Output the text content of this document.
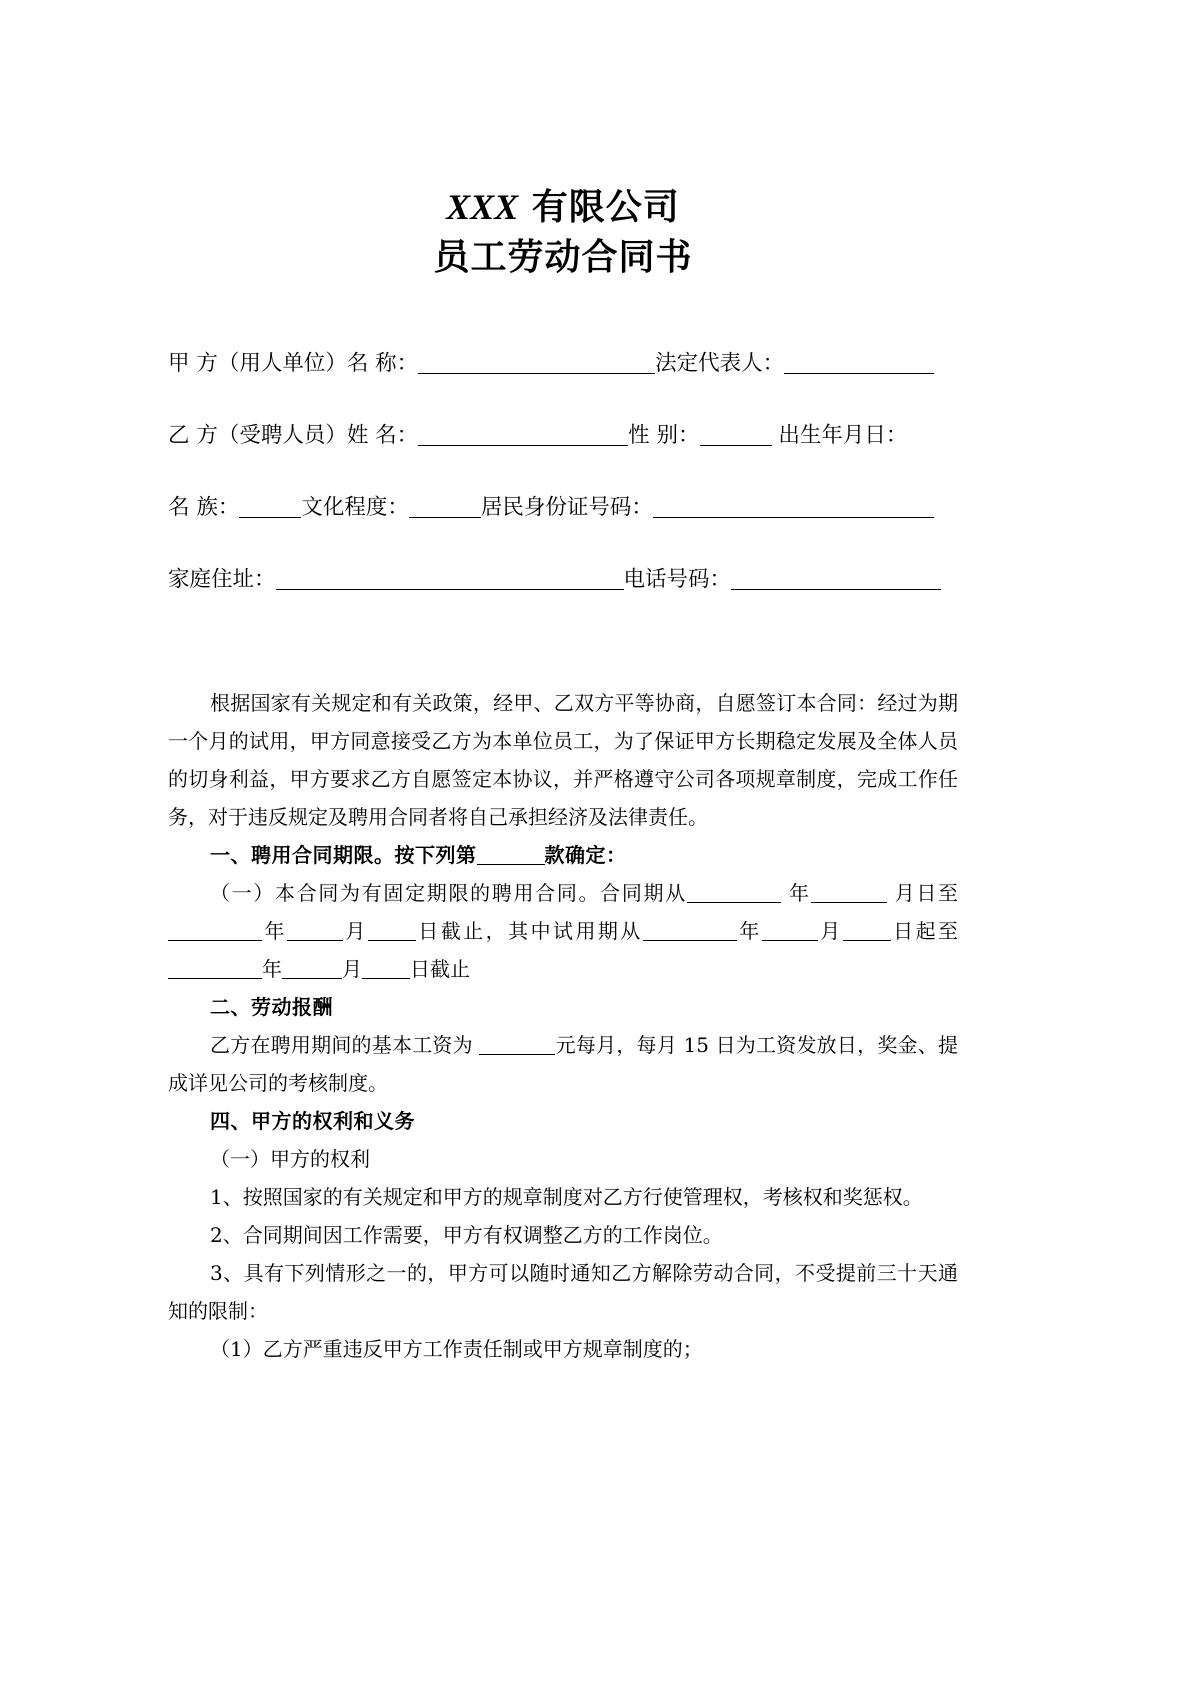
XXX 有限公司
员工劳动合同书
甲 方（用人单位）名 称：	法定代表人：
乙 方（受聘人员）姓 名：	性 别：	出生年月日：
名 族：	文化程度：	居民身份证号码：
家庭住址：	电话号码：

根据国家有关规定和有关政策，经甲、乙双方平等协商，自愿签订本合同：经过为期一个月的试用，甲方同意接受乙方为本单位员工，为了保证甲方长期稳定发展及全体人员的切身利益，甲方要求乙方自愿签定本协议，并严格遵守公司各项规章制度，完成工作任务，对于违反规定及聘用合同者将自己承担经济及法律责任。

一、聘用合同期限。按下列第	款确定：

（一）本合同为有固定期限的聘用合同。合同期从	年	月日至年	月 日截止，其中试用期从	年	月 日起至年	月 日截止

二、劳动报酬

乙方在聘用期间的基本工资为	元每月，每月 15 日为工资发放日，奖金、提成详见公司的考核制度。

四、甲方的权利和义务

（一）甲方的权利

1、按照国家的有关规定和甲方的规章制度对乙方行使管理权，考核权和奖惩权。

2、合同期间因工作需要，甲方有权调整乙方的工作岗位。

3、具有下列情形之一的，甲方可以随时通知乙方解除劳动合同，不受提前三十天通知的限制：

（1）乙方严重违反甲方工作责任制或甲方规章制度的；
